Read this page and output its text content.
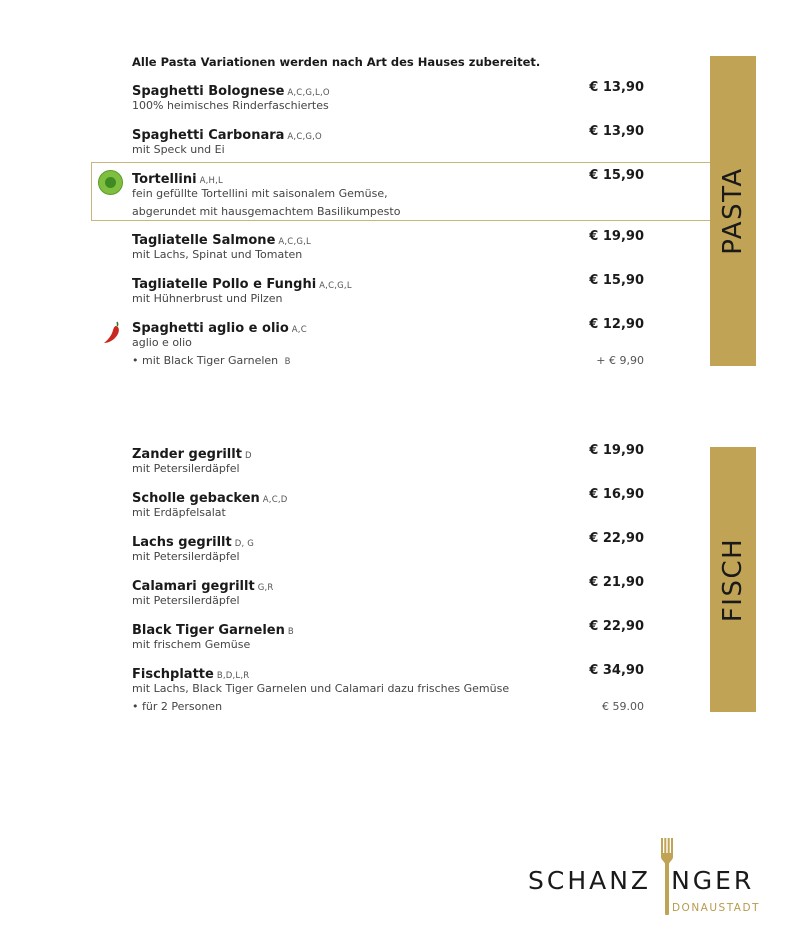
Alle Pasta Variationen werden nach Art des Hauses zubereitet.
Spaghetti Bolognese A,C,G,L,O	€ 13,90
100% heimisches Rinderfaschiertes
Spaghetti Carbonara A,C,G,O	€ 13,90
mit Speck und Ei
Tortellini A,H,L	€ 15,90
fein gefüllte Tortellini mit saisonalem Gemüse,
abgerundet mit hausgemachtem Basilikumpesto
Tagliatelle Salmone A,C,G,L	€ 19,90
mit Lachs, Spinat und Tomaten
Tagliatelle Pollo e Funghi A,C,G,L	€ 15,90
mit Hühnerbrust und Pilzen
Spaghetti aglio e olio A,C	€ 12,90
aglio e olio
• mit Black Tiger Garnelen B	+ € 9,90
PASTA
Zander gegrillt D	€ 19,90
mit Petersilerdäpfel
Scholle gebacken A,C,D	€ 16,90
mit Erdäpfelsalat
Lachs gegrillt D, G	€ 22,90
mit Petersilerdäpfel
Calamari gegrillt G,R	€ 21,90
mit Petersilerdäpfel
Black Tiger Garnelen B	€ 22,90
mit frischem Gemüse
Fischplatte B,D,L,R	€ 34,90
mit Lachs, Black Tiger Garnelen und Calamari dazu frisches Gemüse
• für 2 Personen	€ 59.00
FISCH
SCHANZ NGER
DONAUSTADT
